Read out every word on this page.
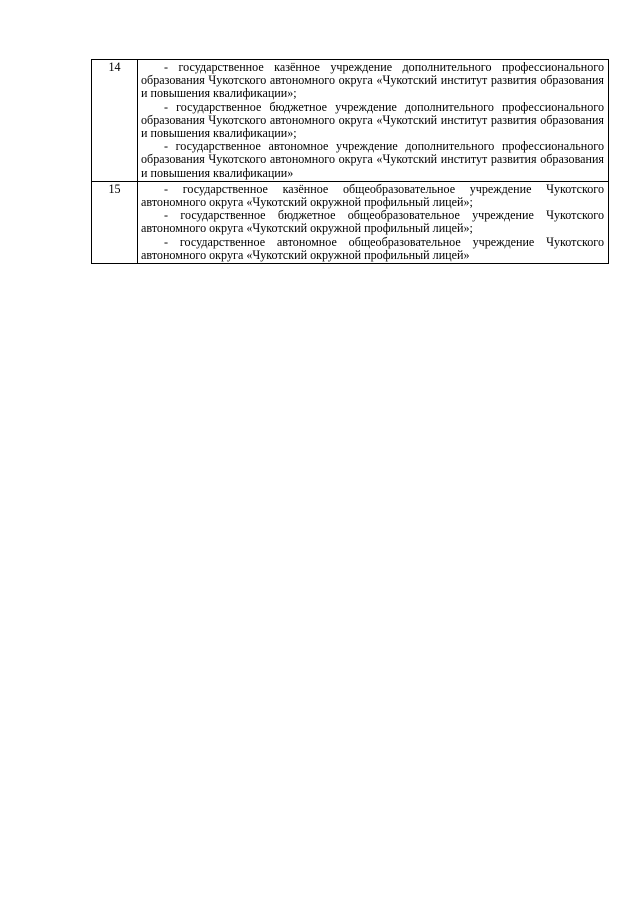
14	- государственное казённое учреждение дополнительного профессионального образования Чукотского автономного округа «Чукотский институт развития образования и повышения квалификации»;

- государственное бюджетное учреждение дополнительного профессионального образования Чукотского автономного округа «Чукотский институт развития образования и повышения квалификации»;

- государственное автономное учреждение дополнительного профессионального образования Чукотского автономного округа «Чукотский институт развития образования и повышения квалификации»

15	- государственное казённое общеобразовательное учреждение Чукотского автономного округа «Чукотский окружной профильный лицей»;

- государственное бюджетное общеобразовательное учреждение Чукотского автономного округа «Чукотский окружной профильный лицей»;

- государственное автономное общеобразовательное учреждение Чукотского автономного округа «Чукотский окружной профильный лицей»
